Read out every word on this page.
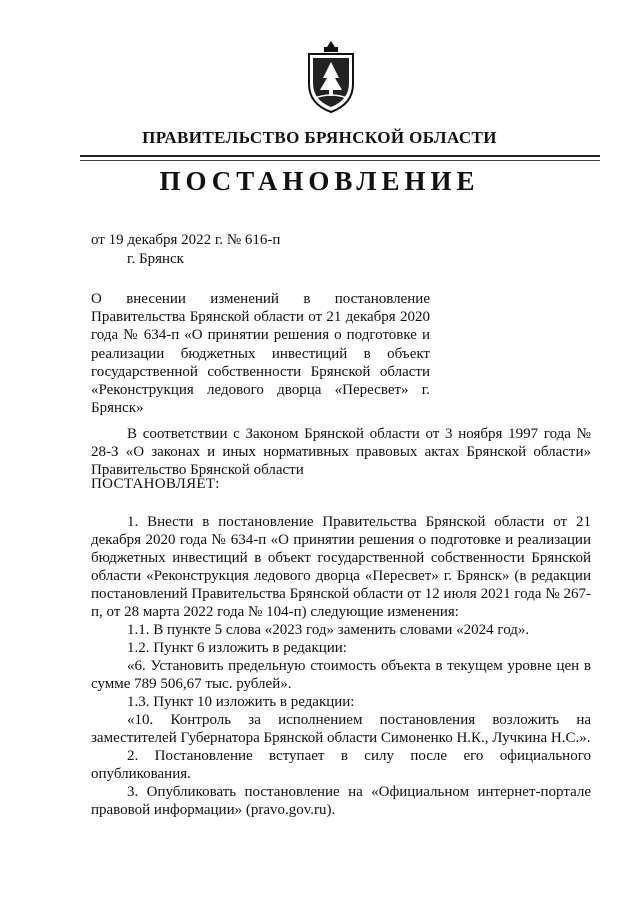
ПРАВИТЕЛЬСТВО БРЯНСКОЙ ОБЛАСТИ
ПОСТАНОВЛЕНИЕ
от 19 декабря 2022 г. № 616-п
г. Брянск
О внесении изменений в постановление Правительства Брянской области от 21 декабря 2020 года № 634-п «О принятии решения о подготовке и реализации бюджетных инвестиций в объект государственной собственности Брянской области «Реконструкция ледового дворца «Пересвет» г. Брянск»
В соответствии с Законом Брянской области от 3 ноября 1997 года № 28-З «О законах и иных нормативных правовых актах Брянской области» Правительство Брянской области
ПОСТАНОВЛЯЕТ:

1. Внести в постановление Правительства Брянской области от 21 декабря 2020 года № 634-п «О принятии решения о подготовке и реализации бюджетных инвестиций в объект государственной собственности Брянской области «Реконструкция ледового дворца «Пересвет» г. Брянск» (в редакции постановлений Правительства Брянской области от 12 июля 2021 года № 267-п, от 28 марта 2022 года № 104-п) следующие изменения:

1.1. В пункте 5 слова «2023 год» заменить словами «2024 год».

1.2. Пункт 6 изложить в редакции:

«6. Установить предельную стоимость объекта в текущем уровне цен в сумме 789 506,67 тыс. рублей».

1.3. Пункт 10 изложить в редакции:

«10. Контроль за исполнением постановления возложить на заместителей Губернатора Брянской области Симоненко Н.К., Лучкина Н.С.».

2. Постановление вступает в силу после его официального опубликования.

3. Опубликовать постановление на «Официальном интернет-портале правовой информации» (pravo.gov.ru).
